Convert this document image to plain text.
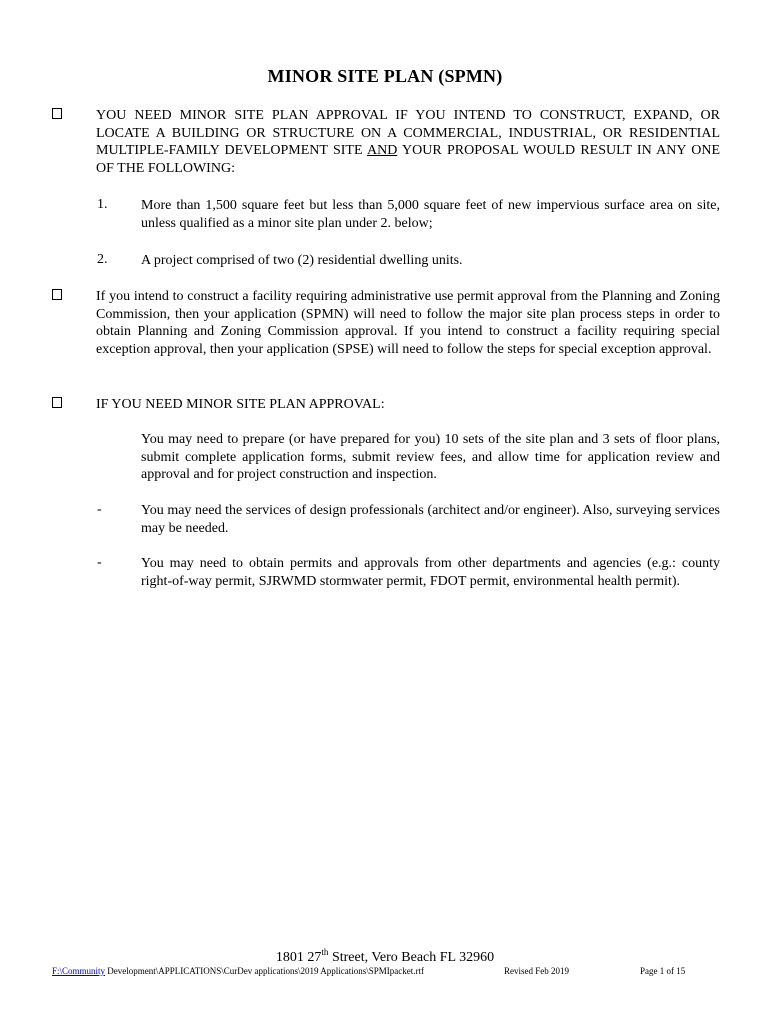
MINOR SITE PLAN (SPMN)
YOU NEED MINOR SITE PLAN APPROVAL IF YOU INTEND TO CONSTRUCT, EXPAND, OR LOCATE A BUILDING OR STRUCTURE ON A COMMERCIAL, INDUSTRIAL, OR RESIDENTIAL MULTIPLE-FAMILY DEVELOPMENT SITE AND YOUR PROPOSAL WOULD RESULT IN ANY ONE OF THE FOLLOWING:
1. More than 1,500 square feet but less than 5,000 square feet of new impervious surface area on site, unless qualified as a minor site plan under 2. below;
2. A project comprised of two (2) residential dwelling units.
If you intend to construct a facility requiring administrative use permit approval from the Planning and Zoning Commission, then your application (SPMN) will need to follow the major site plan process steps in order to obtain Planning and Zoning Commission approval. If you intend to construct a facility requiring special exception approval, then your application (SPSE) will need to follow the steps for special exception approval.
IF YOU NEED MINOR SITE PLAN APPROVAL:
You may need to prepare (or have prepared for you) 10 sets of the site plan and 3 sets of floor plans, submit complete application forms, submit review fees, and allow time for application review and approval and for project construction and inspection.
-	You may need the services of design professionals (architect and/or engineer). Also, surveying services may be needed.
-	You may need to obtain permits and approvals from other departments and agencies (e.g.: county right-of-way permit, SJRWMD stormwater permit, FDOT permit, environmental health permit).
1801 27th Street, Vero Beach FL 32960
F:\Community Development\APPLICATIONS\CurDev applications\2019 Applications\SPMIpacket.rtf	Revised Feb 2019	Page 1 of 15
